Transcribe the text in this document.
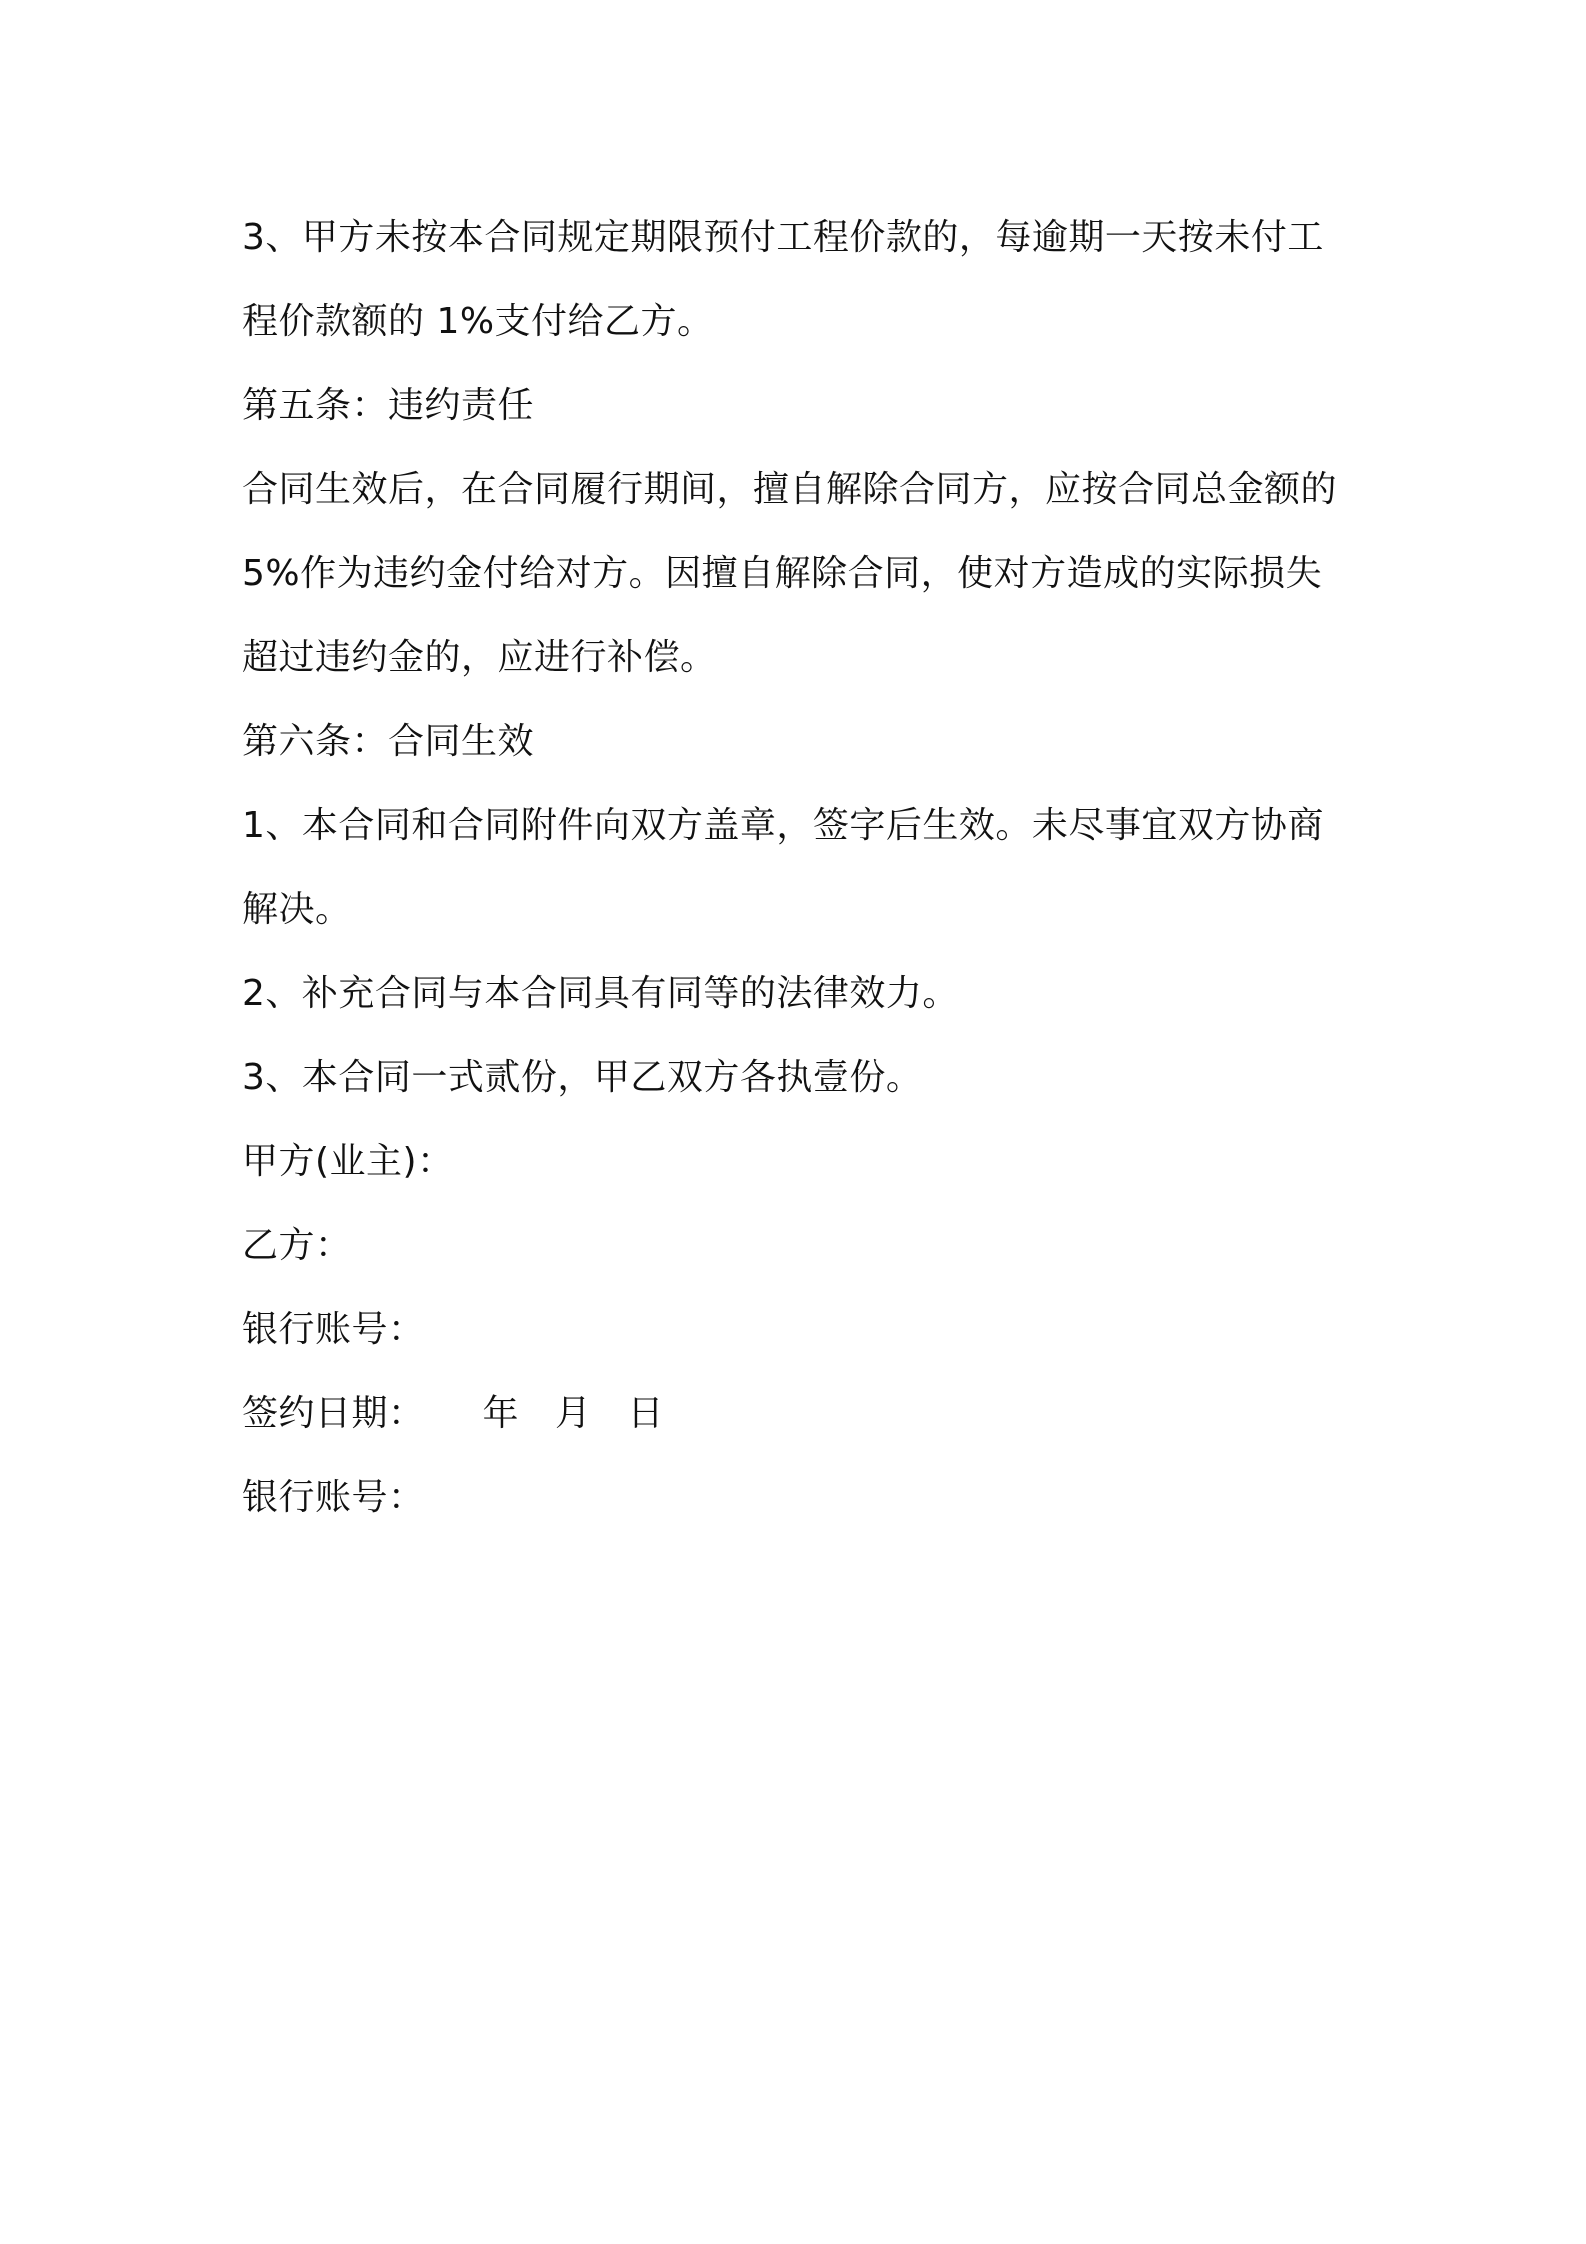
3、甲方未按本合同规定期限预付工程价款的，每逾期一天按未付工
程价款额的 1%支付给乙方。
第五条：违约责任
合同生效后，在合同履行期间，擅自解除合同方，应按合同总金额的
5%作为违约金付给对方。因擅自解除合同，使对方造成的实际损失
超过违约金的，应进行补偿。
第六条：合同生效
1、本合同和合同附件向双方盖章，签字后生效。未尽事宜双方协商
解决。
2、补充合同与本合同具有同等的法律效力。
3、本合同一式贰份，甲乙双方各执壹份。
甲方(业主)：
乙方：
银行账号：
签约日期： 年 月 日
银行账号：
